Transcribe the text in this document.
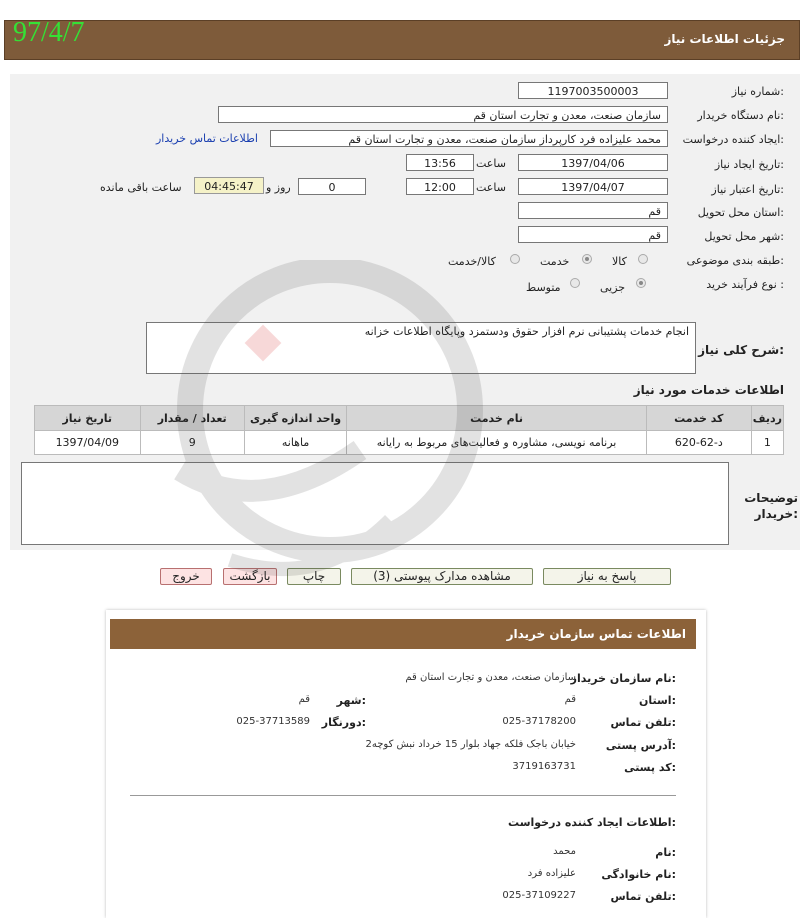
97/4/7	جزئیات اطلاعات نیاز
شماره نیاز:
1197003500003
نام دستگاه خریدار:
سازمان صنعت، معدن و تجارت استان قم
ایجاد کننده درخواست:
محمد علیزاده فرد کارپرداز سازمان صنعت، معدن و تجارت استان قم
اطلاعات تماس خریدار
تاریخ ایجاد نیاز:
1397/04/06
ساعت
13:56
تاریخ اعتبار نیاز:
1397/04/07
ساعت
12:00
0
روز و
04:45:47
ساعت باقی مانده
استان محل تحویل:
قم
شهر محل تحویل:
قم
طبقه بندی موضوعی:
کالا
خدمت
کالا/خدمت
نوع فرآیند خرید :
جزیی
متوسط
شرح کلی نیاز:
انجام خدمات پشتیبانی نرم افزار حقوق ودستمزد وپایگاه اطلاعات خزانه
اطلاعات خدمات مورد نیاز
ردیف	کد خدمت	نام خدمت	واحد اندازه گیری	تعداد / مقدار	تاریخ نیاز
1	د-62-620	برنامه نویسی، مشاوره و فعالیت‌های مربوط به رایانه	ماهانه	9	1397/04/09
توضیحات خریدار:
پاسخ به نیاز
مشاهده مدارک پیوستی (3)
چاپ
بازگشت
خروج
اطلاعات تماس سازمان خریدار
نام سازمان خریدار:
سازمان صنعت، معدن و تجارت استان قم
استان:
قم
شهر:
قم
تلفن تماس:
025-37178200
دورنگار:
025-37713589
آدرس پستی:
خیابان باجک فلکه جهاد بلوار 15 خرداد نبش کوچه2
کد پستی:
3719163731
اطلاعات ایجاد کننده درخواست:
نام:
محمد
نام خانوادگی:
علیزاده فرد
تلفن تماس:
025-37109227
